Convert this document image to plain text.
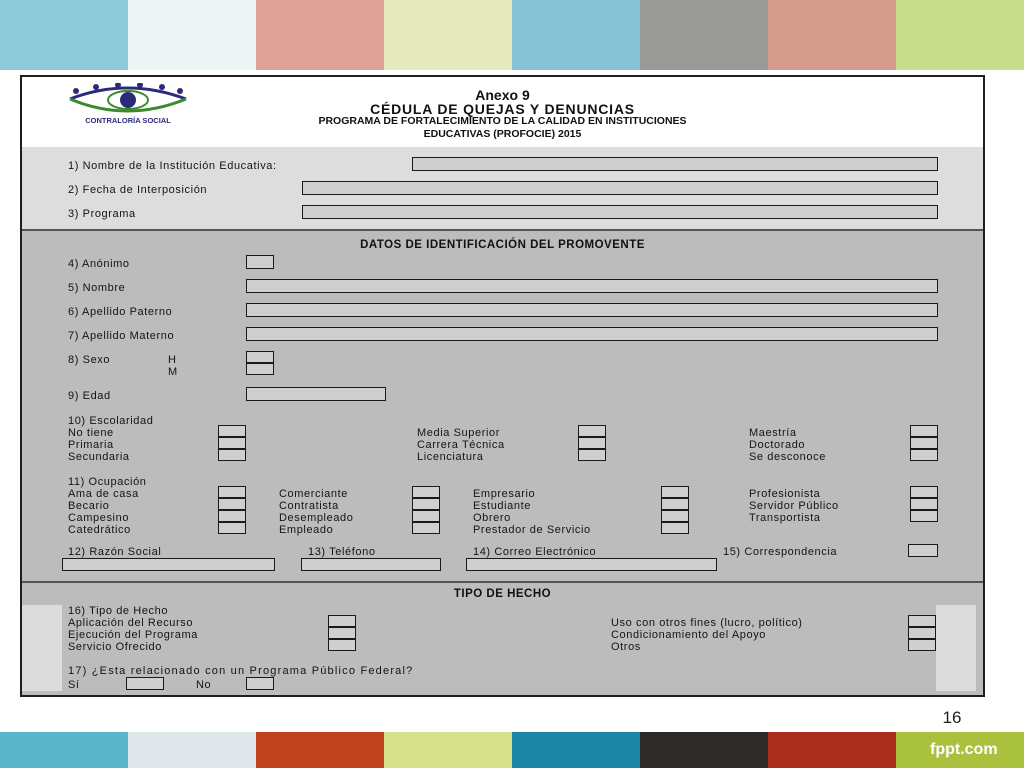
CONTRALORÍA SOCIAL
Anexo 9
CÉDULA DE QUEJAS Y DENUNCIAS
PROGRAMA DE FORTALECIMIENTO DE LA CALIDAD EN INSTITUCIONES
EDUCATIVAS (PROFOCIE) 2015
1) Nombre de la Institución Educativa:
2) Fecha de Interposición
3) Programa
DATOS DE IDENTIFICACIÓN DEL PROMOVENTE
4) Anónimo
5) Nombre
6) Apellido Paterno
7) Apellido Materno
8) Sexo	H
M
9) Edad
10) Escolaridad
No tiene
Primaria
Secundaria
Media Superior
Carrera Técnica
Licenciatura
Maestría
Doctorado
Se desconoce
11) Ocupación
Ama de casa
Becario
Campesino
Catedrático
Comerciante
Contratista
Desempleado
Empleado
Empresario
Estudiante
Obrero
Prestador de Servicio
Profesionista
Servidor Público
Transportista
12) Razón Social	13) Teléfono	14) Correo Electrónico	15) Correspondencia
TIPO DE HECHO
16) Tipo de Hecho
Aplicación del Recurso
Ejecución del Programa
Servicio Ofrecido
Uso con otros fines (lucro, político)
Condicionamiento del Apoyo
Otros
17) ¿Esta relacionado con un Programa Público Federal?
Sí	No
16
fppt.com
